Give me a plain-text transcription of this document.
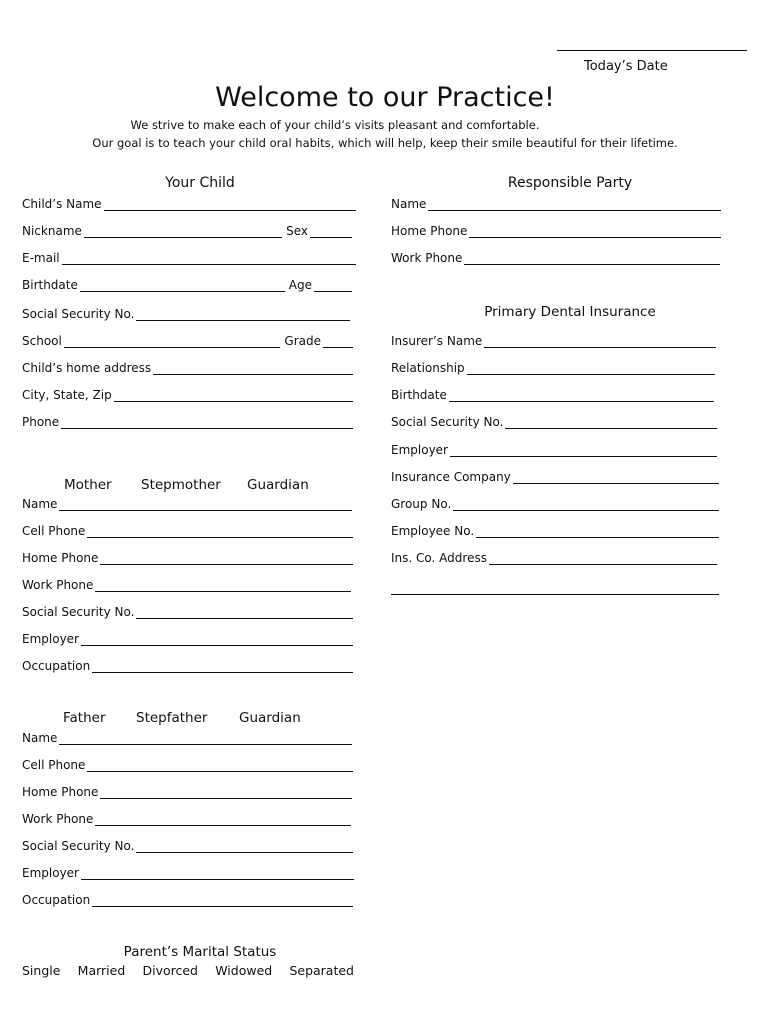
Today’s Date
Welcome to our Practice!
We strive to make each of your child’s visits pleasant and comfortable.
Our goal is to teach your child oral habits, which will help, keep their smile beautiful for their lifetime.
Your Child
Child’s Name
Nickname	Sex
E-mail
Birthdate	Age
Social Security No.
School	Grade
Child’s home address
City, State, Zip
Phone
Mother Stepmother Guardian
Name
Cell Phone
Home Phone
Work Phone
Social Security No.
Employer
Occupation
Father Stepfather Guardian
Name
Cell Phone
Home Phone
Work Phone
Social Security No.
Employer
Occupation
Parent’s Marital Status
Single Married Divorced Widowed Separated
Responsible Party
Name
Home Phone
Work Phone
Primary Dental Insurance
Insurer’s Name
Relationship
Birthdate
Social Security No.
Employer
Insurance Company
Group No.
Employee No.
Ins. Co. Address
